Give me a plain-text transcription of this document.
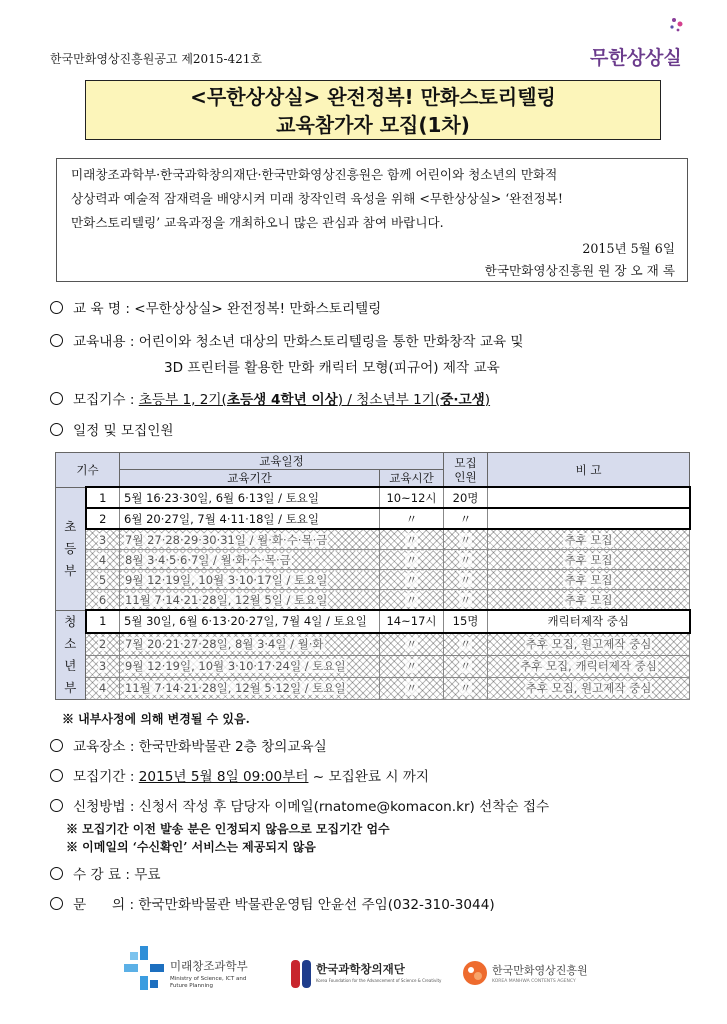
한국만화영상진흥원공고 제2015-421호	무한상상실
<무한상상실> 완전정복! 만화스토리텔링
교육참가자 모집(1차)
미래창조과학부·한국과학창의재단·한국만화영상진흥원은 함께 어린이와 청소년의 만화적
상상력과 예술적 잠재력을 배양시켜 미래 창작인력 육성을 위해 <무한상상실> ‘완전정복!
만화스토리텔링’ 교육과정을 개최하오니 많은 관심과 참여 바랍니다.
2015년 5월 6일
한국만화영상진흥원 원 장 오 재 록
교 육 명 : <무한상상실> 완전정복! 만화스토리텔링
교육내용 : 어린이와 청소년 대상의 만화스토리텔링을 통한 만화창작 교육 및
3D 프린터를 활용한 만화 캐릭터 모형(피규어) 제작 교육
모집기수 : 초등부 1, 2기(초등생 4학년 이상) / 청소년부 1기(중·고생)
일정 및 모집인원
기수		교육일정		모집
인원	비 고
		교육기간	교육시간		

초
등
부	1	5월 16·23·30일, 6월 6·13일 / 토요일	10~12시	20명	
	2	6월 20·27일, 7월 4·11·18일 / 토요일	〃	〃	
	3	7월 27·28·29·30·31일 / 월·화·수·목·금	〃	〃	추후 모집
	4	8월 3·4·5·6·7일 / 월·화·수·목·금	〃	〃	추후 모집
	5	9월 12·19일, 10월 3·10·17일 / 토요일	〃	〃	추후 모집
	6	11월 7·14·21·28일, 12월 5일 / 토요일	〃	〃	추후 모집

청
소
년
부	1	5월 30일, 6월 6·13·20·27일, 7월 4일 / 토요일	14~17시	15명	캐릭터제작 중심
	2	7월 20·21·27·28일, 8월 3·4일 / 월·화	〃	〃	추후 모집, 원고제작 중심
	3	9월 12·19일, 10월 3·10·17·24일 / 토요일	〃	〃	추후 모집, 캐릭터제작 중심
	4	11월 7·14·21·28일, 12월 5·12일 / 토요일	〃	〃	추후 모집, 원고제작 중심
※ 내부사정에 의해 변경될 수 있음.
교육장소 : 한국만화박물관 2층 창의교육실
모집기간 : 2015년 5월 8일 09:00부터 ~ 모집완료 시 까지
신청방법 : 신청서 작성 후 담당자 이메일(rnatome@komacon.kr) 선착순 접수
※ 모집기간 이전 발송 분은 인정되지 않음으로 모집기간 엄수
※ 이메일의 ‘수신확인’ 서비스는 제공되지 않음
수 강 료 : 무료
문      의 : 한국만화박물관 박물관운영팀 안윤선 주임(032-310-3044)
미래창조과학부
Ministry of Science, ICT and
Future Planning
한국과학창의재단
Korea Foundation for the Advancement of Science & Creativity
한국만화영상진흥원
KOREA MANHWA CONTENTS AGENCY
